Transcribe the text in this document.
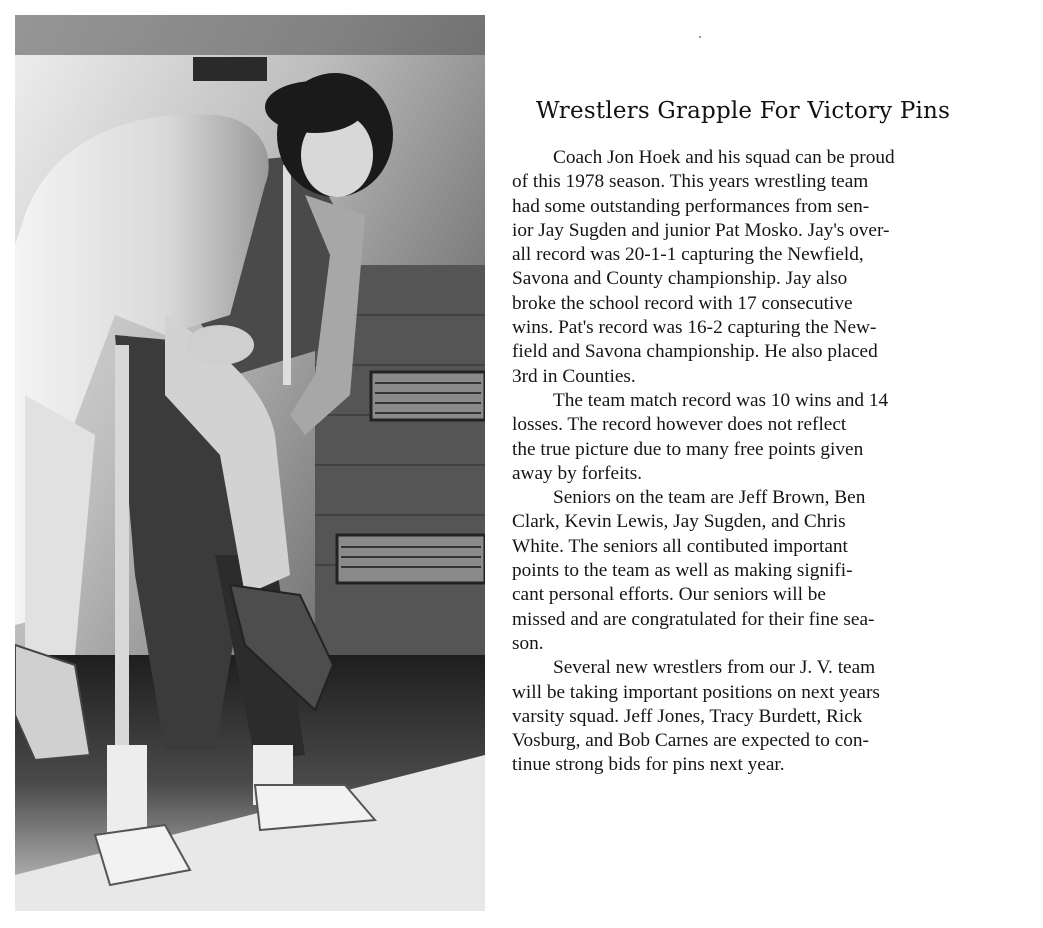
Wrestlers Grapple For Victory Pins

Coach Jon Hoek and his squad can be proud
of this 1978 season. This years wrestling team
had some outstanding performances from sen-
ior Jay Sugden and junior Pat Mosko. Jay's over-
all record was 20-1-1 capturing the Newfield,
Savona and County championship. Jay also
broke the school record with 17 consecutive
wins. Pat's record was 16-2 capturing the New-
field and Savona championship. He also placed
3rd in Counties.

The team match record was 10 wins and 14
losses. The record however does not reflect
the true picture due to many free points given
away by forfeits.

Seniors on the team are Jeff Brown, Ben
Clark, Kevin Lewis, Jay Sugden, and Chris
White. The seniors all contibuted important
points to the team as well as making signifi-
cant personal efforts. Our seniors will be
missed and are congratulated for their fine sea-
son.

Several new wrestlers from our J. V. team
will be taking important positions on next years
varsity squad. Jeff Jones, Tracy Burdett, Rick
Vosburg, and Bob Carnes are expected to con-
tinue strong bids for pins next year.
